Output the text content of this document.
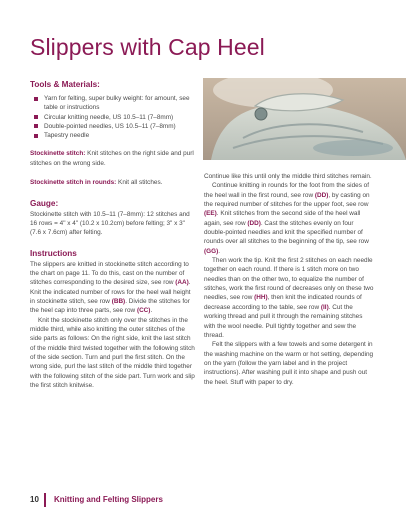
Slippers with Cap Heel
Tools & Materials:
Yarn for felting, super bulky weight: for amount, see table or instructions
Circular knitting needle, US 10.5–11 (7–8mm)
Double-pointed needles, US 10.5–11 (7–8mm)
Tapestry needle

Stockinette stitch: Knit stitches on the right side and purl stitches on the wrong side.

Stockinette stitch in rounds: Knit all stitches.

Gauge:

Stockinette stitch with 10.5–11 (7–8mm): 12 stitches and 16 rows = 4" x 4" (10.2 x 10.2cm) before felting; 3" x 3" (7.6 x 7.6cm) after felting.

Instructions

The slippers are knitted in stockinette stitch according to the chart on page 11. To do this, cast on the number of stitches corresponding to the desired size, see row (AA). Knit the indicated number of rows for the heel wall height in stockinette stitch, see row (BB). Divide the stitches for the heel cap into three parts, see row (CC).

Knit the stockinette stitch only over the stitches in the middle third, while also knitting the outer stitches of the side parts as follows: On the right side, knit the last stitch of the middle third twisted together with the following stitch of the side section. Turn and purl the first stitch. On the wrong side, purl the last stitch of the middle third together with the following stitch of the side part. Turn work and slip the first stitch knitwise.

Continue like this until only the middle third stitches remain.

Continue knitting in rounds for the foot from the sides of the heel wall in the first round, see row (DD), by casting on the required number of stitches for the upper foot, see row (EE). Knit stitches from the second side of the heel wall again, see row (DD). Cast the stitches evenly on four double-pointed needles and knit the specified number of rounds over all stitches to the beginning of the tip, see row (GG).

Then work the tip. Knit the first 2 stitches on each needle together on each round. If there is 1 stitch more on two needles than on the other two, to equalize the number of stitches, work the first round of decreases only on these two needles, see row (HH), then knit the indicated rounds of decrease according to the table, see row (II). Cut the working thread and pull it through the remaining stitches with the wool needle. Pull tightly together and sew the thread.

Felt the slippers with a few towels and some detergent in the washing machine on the warm or hot setting, depending on the yarn (follow the yarn label and in the project instructions). After washing pull it into shape and push out the heel. Stuff with paper to dry.

10 Knitting and Felting Slippers
